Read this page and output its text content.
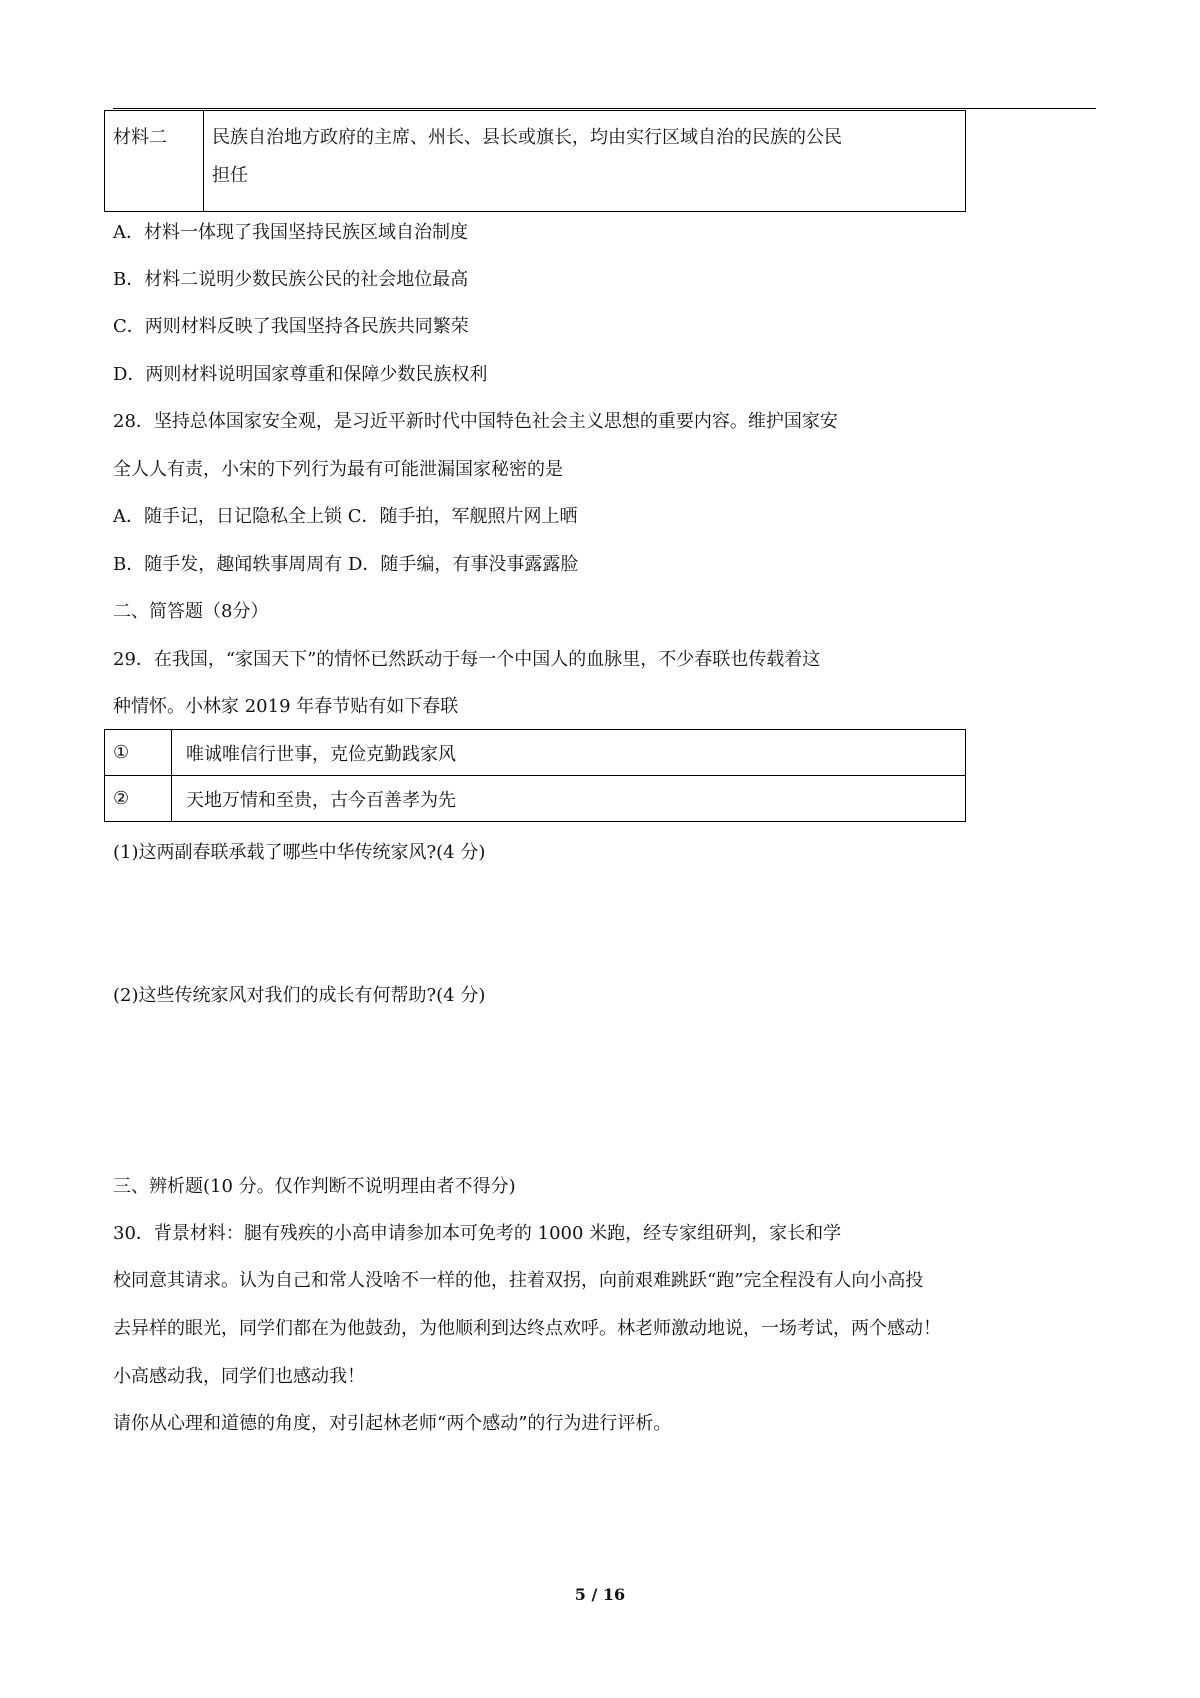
材料二	民族自治地方政府的主席、州长、县长或旗长，均由实行区域自治的民族的公民
担任
A．材料一体现了我国坚持民族区域自治制度
B．材料二说明少数民族公民的社会地位最高
C．两则材料反映了我国坚持各民族共同繁荣
D．两则材料说明国家尊重和保障少数民族权利
28．坚持总体国家安全观，是习近平新时代中国特色社会主义思想的重要内容。维护国家安
全人人有责，小宋的下列行为最有可能泄漏国家秘密的是
A．随手记，日记隐私全上锁 C．随手拍，军舰照片网上晒
B．随手发，趣闻轶事周周有 D．随手编，有事没事露露脸
二、简答题（8分）
29．在我国，“家国天下”的情怀已然跃动于每一个中国人的血脉里，不少春联也传载着这
种情怀。小林家 2019 年春节贴有如下春联
①	唯诚唯信行世事，克俭克勤践家风
②	天地万情和至贵，古今百善孝为先
(1)这两副春联承载了哪些中华传统家风?(4 分)
(2)这些传统家风对我们的成长有何帮助?(4 分)
三、辨析题(10 分。仅作判断不说明理由者不得分)
30．背景材料：腿有残疾的小高申请参加本可免考的 1000 米跑，经专家组研判，家长和学
校同意其请求。认为自己和常人没啥不一样的他，拄着双拐，向前艰难跳跃“跑”完全程没有人向小高投
去异样的眼光，同学们都在为他鼓劲，为他顺利到达终点欢呼。林老师激动地说，一场考试，两个感动！
小高感动我，同学们也感动我！
请你从心理和道德的角度，对引起林老师“两个感动”的行为进行评析。
5 / 16
